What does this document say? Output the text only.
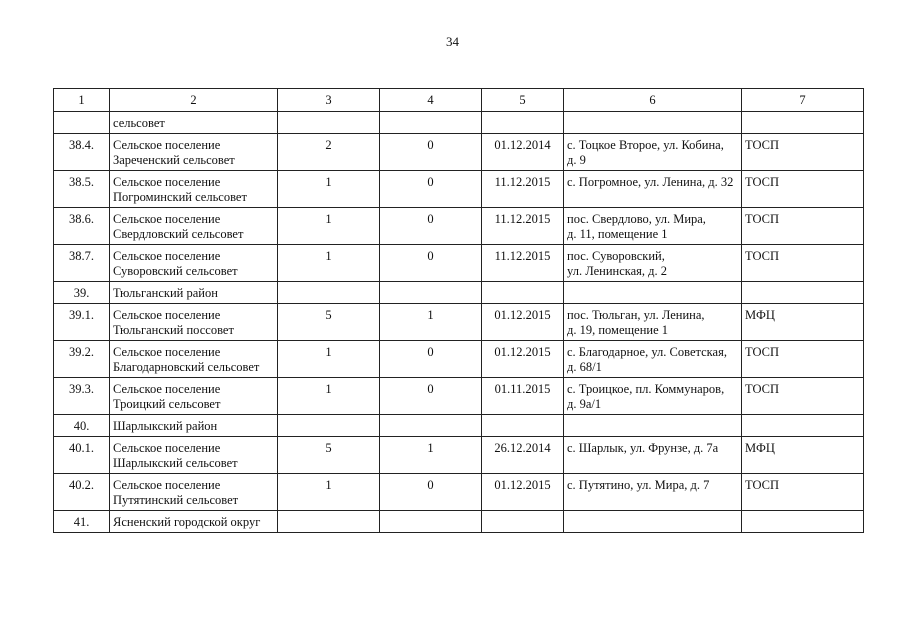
34
1	2	3	4	5	6	7

	сельсовет					

38.4.	Сельское поселение
Зареченский сельсовет	2	0	01.12.2014	с. Тоцкое Второе, ул. Кобина,
д. 9	ТОСП
38.5.	Сельское поселение
Погроминский сельсовет	1	0	11.12.2015	с. Погромное, ул. Ленина, д. 32	ТОСП
38.6.	Сельское поселение
Свердловский сельсовет	1	0	11.12.2015	пос. Свердлово, ул. Мира,
д. 11, помещение 1	ТОСП
38.7.	Сельское поселение
Суворовский сельсовет	1	0	11.12.2015	пос. Суворовский,
ул. Ленинская, д. 2	ТОСП
39.	Тюльганский район					

39.1.	Сельское поселение
Тюльганский поссовет	5	1	01.12.2015	пос. Тюльган, ул. Ленина,
д. 19, помещение 1	МФЦ
39.2.	Сельское поселение
Благодарновский сельсовет	1	0	01.12.2015	с. Благодарное, ул. Советская,
д. 68/1	ТОСП
39.3.	Сельское поселение
Троицкий сельсовет	1	0	01.11.2015	с. Троицкое, пл. Коммунаров,
д. 9а/1	ТОСП
40.	Шарлыкский район					

40.1.	Сельское поселение
Шарлыкский сельсовет	5	1	26.12.2014	с. Шарлык, ул. Фрунзе, д. 7а	МФЦ
40.2.	Сельское поселение
Путятинский сельсовет	1	0	01.12.2015	с. Путятино, ул. Мира, д. 7	ТОСП
41.	Ясненский городской округ					
